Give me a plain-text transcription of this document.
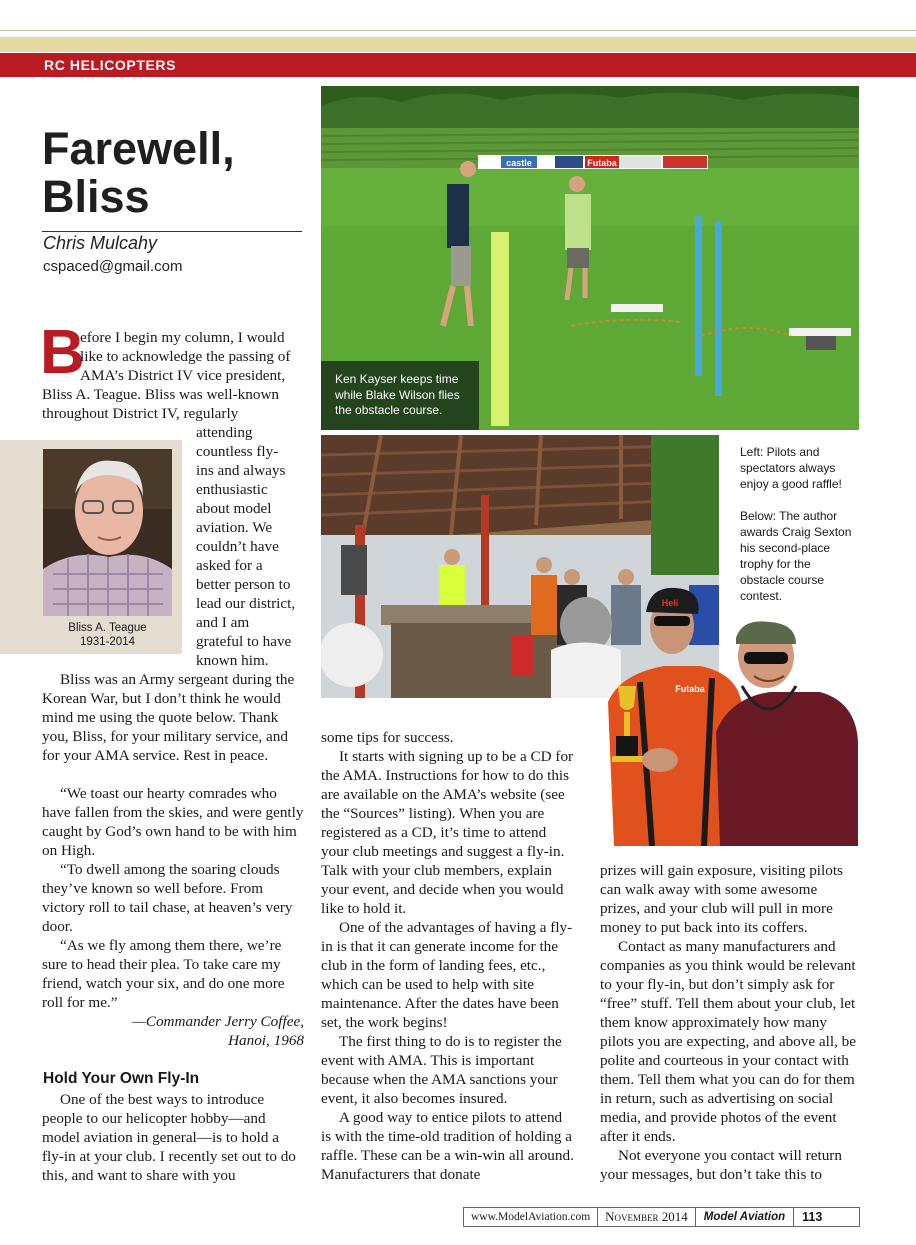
RC HELICOPTERS
Farewell,
Bliss
Chris Mulcahy
cspaced@gmail.com
B
efore I begin my column, I would
like to acknowledge the passing of
AMA’s District IV vice president,
Bliss A. Teague. Bliss was well-known
throughout District IV, regularly
Bliss A. Teague
1931-2014
attending
countless fly-
ins and always
enthusiastic
about model
aviation. We
couldn’t have
asked for a
better person to
lead our district,
and I am
grateful to have
known him.

Bliss was an Army sergeant during the Korean War, but I don’t think he would mind me using the quote below. Thank you, Bliss, for your military service, and for your AMA service. Rest in peace.

“We toast our hearty comrades who have fallen from the skies, and were gently caught by God’s own hand to be with him on High.

“To dwell among the soaring clouds they’ve known so well before. From victory roll to tail chase, at heaven’s very door.

“As we fly among them there, we’re sure to head their plea. To take care my friend, watch your six, and do one more roll for me.”

—Commander Jerry Coffee,
Hanoi, 1968
Hold Your Own Fly-In

One of the best ways to introduce people to our helicopter hobby—and model aviation in general—is to hold a fly-in at your club. I recently set out to do this, and want to share with you

castle	Futaba
Ken Kayser keeps time while Blake Wilson flies the obstacle course.
Left: Pilots and spectators always enjoy a good raffle!
Below: The author awards Craig Sexton his second-place trophy for the obstacle course contest.
Heli
Futaba

some tips for success.

It starts with signing up to be a CD for the AMA. Instructions for how to do this are available on the AMA’s website (see the “Sources” listing). When you are registered as a CD, it’s time to attend your club meetings and suggest a fly-in. Talk with your club members, explain your event, and decide when you would like to hold it.

One of the advantages of having a fly-in is that it can generate income for the club in the form of landing fees, etc., which can be used to help with site maintenance. After the dates have been set, the work begins!

The first thing to do is to register the event with AMA. This is important because when the AMA sanctions your event, it also becomes insured.

A good way to entice pilots to attend is with the time-old tradition of holding a raffle. These can be a win-win all around. Manufacturers that donate

prizes will gain exposure, visiting pilots can walk away with some awesome prizes, and your club will pull in more money to put back into its coffers.

Contact as many manufacturers and companies as you think would be relevant to your fly-in, but don’t simply ask for “free” stuff. Tell them about your club, let them know approximately how many pilots you are expecting, and above all, be polite and courteous in your contact with them. Tell them what you can do for them in return, such as advertising on social media, and provide photos of the event after it ends.

Not everyone you contact will return your messages, but don’t take this to

www.ModelAviation.com	November 2014	Model Aviation	113
